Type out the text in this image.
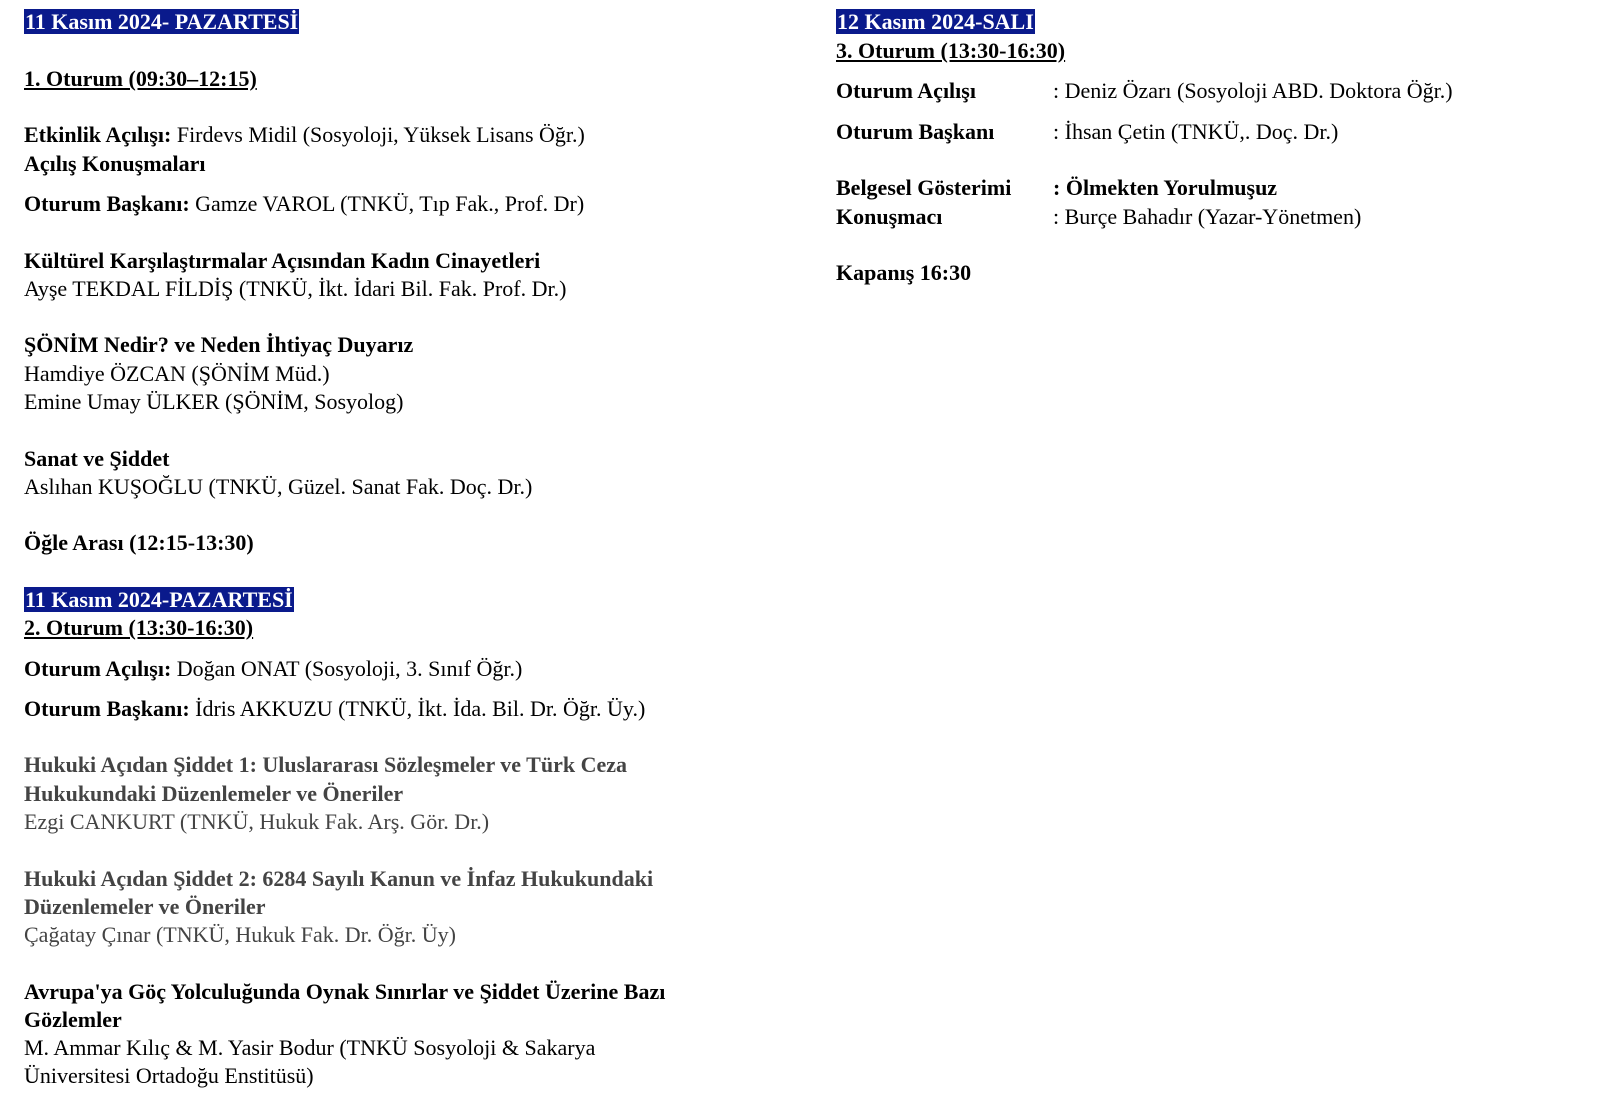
11 Kasım 2024- PAZARTESİ
1. Oturum (09:30–12:15)
Etkinlik Açılışı: Firdevs Midil (Sosyoloji, Yüksek Lisans Öğr.)
Açılış Konuşmaları
Oturum Başkanı: Gamze VAROL (TNKÜ, Tıp Fak., Prof. Dr)
Kültürel Karşılaştırmalar Açısından Kadın Cinayetleri
Ayşe TEKDAL FİLDİŞ (TNKÜ, İkt. İdari Bil. Fak. Prof. Dr.)
ŞÖNİM Nedir? ve Neden İhtiyaç Duyarız
Hamdiye ÖZCAN (ŞÖNİM Müd.)
Emine Umay ÜLKER (ŞÖNİM, Sosyolog)
Sanat ve Şiddet
Aslıhan KUŞOĞLU (TNKÜ, Güzel. Sanat Fak. Doç. Dr.)
Öğle Arası (12:15-13:30)
11 Kasım 2024-PAZARTESİ
2. Oturum (13:30-16:30)
Oturum Açılışı: Doğan ONAT (Sosyoloji, 3. Sınıf Öğr.)
Oturum Başkanı: İdris AKKUZU (TNKÜ, İkt. İda. Bil. Dr. Öğr. Üy.)
Hukuki Açıdan Şiddet 1: Uluslararası Sözleşmeler ve Türk Ceza
Hukukundaki Düzenlemeler ve Öneriler
Ezgi CANKURT (TNKÜ, Hukuk Fak. Arş. Gör. Dr.)
Hukuki Açıdan Şiddet 2: 6284 Sayılı Kanun ve İnfaz Hukukundaki
Düzenlemeler ve Öneriler
Çağatay Çınar (TNKÜ, Hukuk Fak. Dr. Öğr. Üy)
Avrupa'ya Göç Yolculuğunda Oynak Sınırlar ve Şiddet Üzerine Bazı
Gözlemler
M. Ammar Kılıç & M. Yasir Bodur (TNKÜ Sosyoloji & Sakarya
Üniversitesi Ortadoğu Enstitüsü)
12 Kasım 2024-SALI
3. Oturum (13:30-16:30)
Oturum Açılışı	: Deniz Özarı (Sosyoloji ABD. Doktora Öğr.)
Oturum Başkanı	: İhsan Çetin (TNKÜ,. Doç. Dr.)
Belgesel Gösterimi : Ölmekten Yorulmuşuz
Konuşmacı	: Burçe Bahadır (Yazar-Yönetmen)
Kapanış 16:30
